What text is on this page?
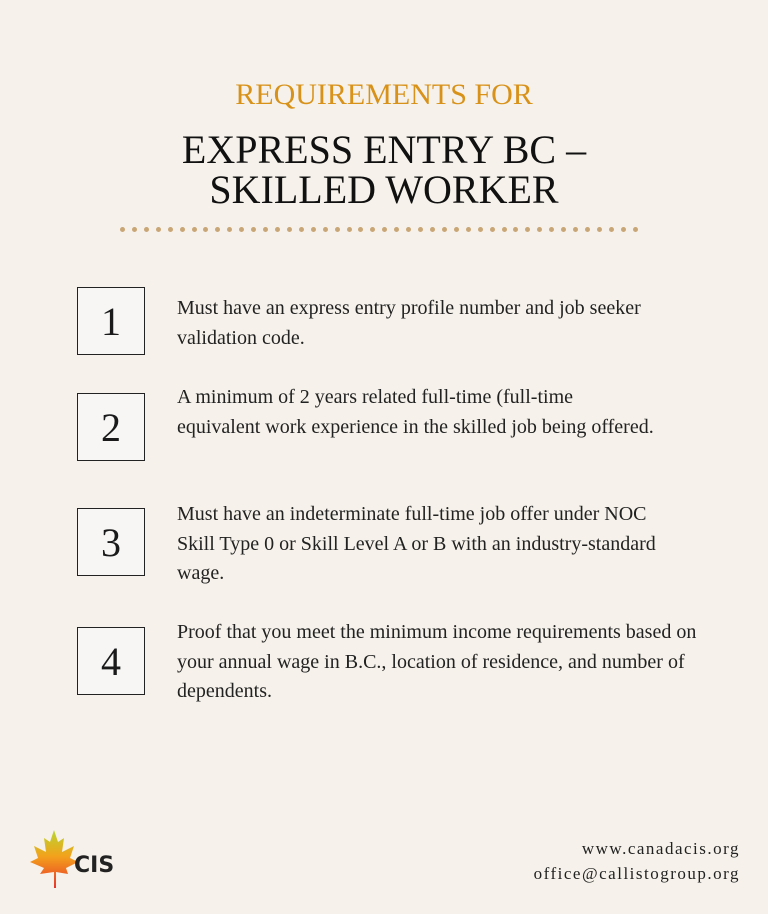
REQUIREMENTS FOR
EXPRESS ENTRY BC –
SKILLED WORKER
1	Must have an express entry profile number and job seeker validation code.
2
A minimum of 2 years related full-time (full-time equivalent work experience in the skilled job being offered.
3
Must have an indeterminate full-time job offer under NOC Skill Type 0 or Skill Level A or B with an industry-standard wage.
4
Proof that you meet the minimum income requirements based on your annual wage in B.C., location of residence, and number of dependents.
CIS
www.canadacis.org
office@callistogroup.org
